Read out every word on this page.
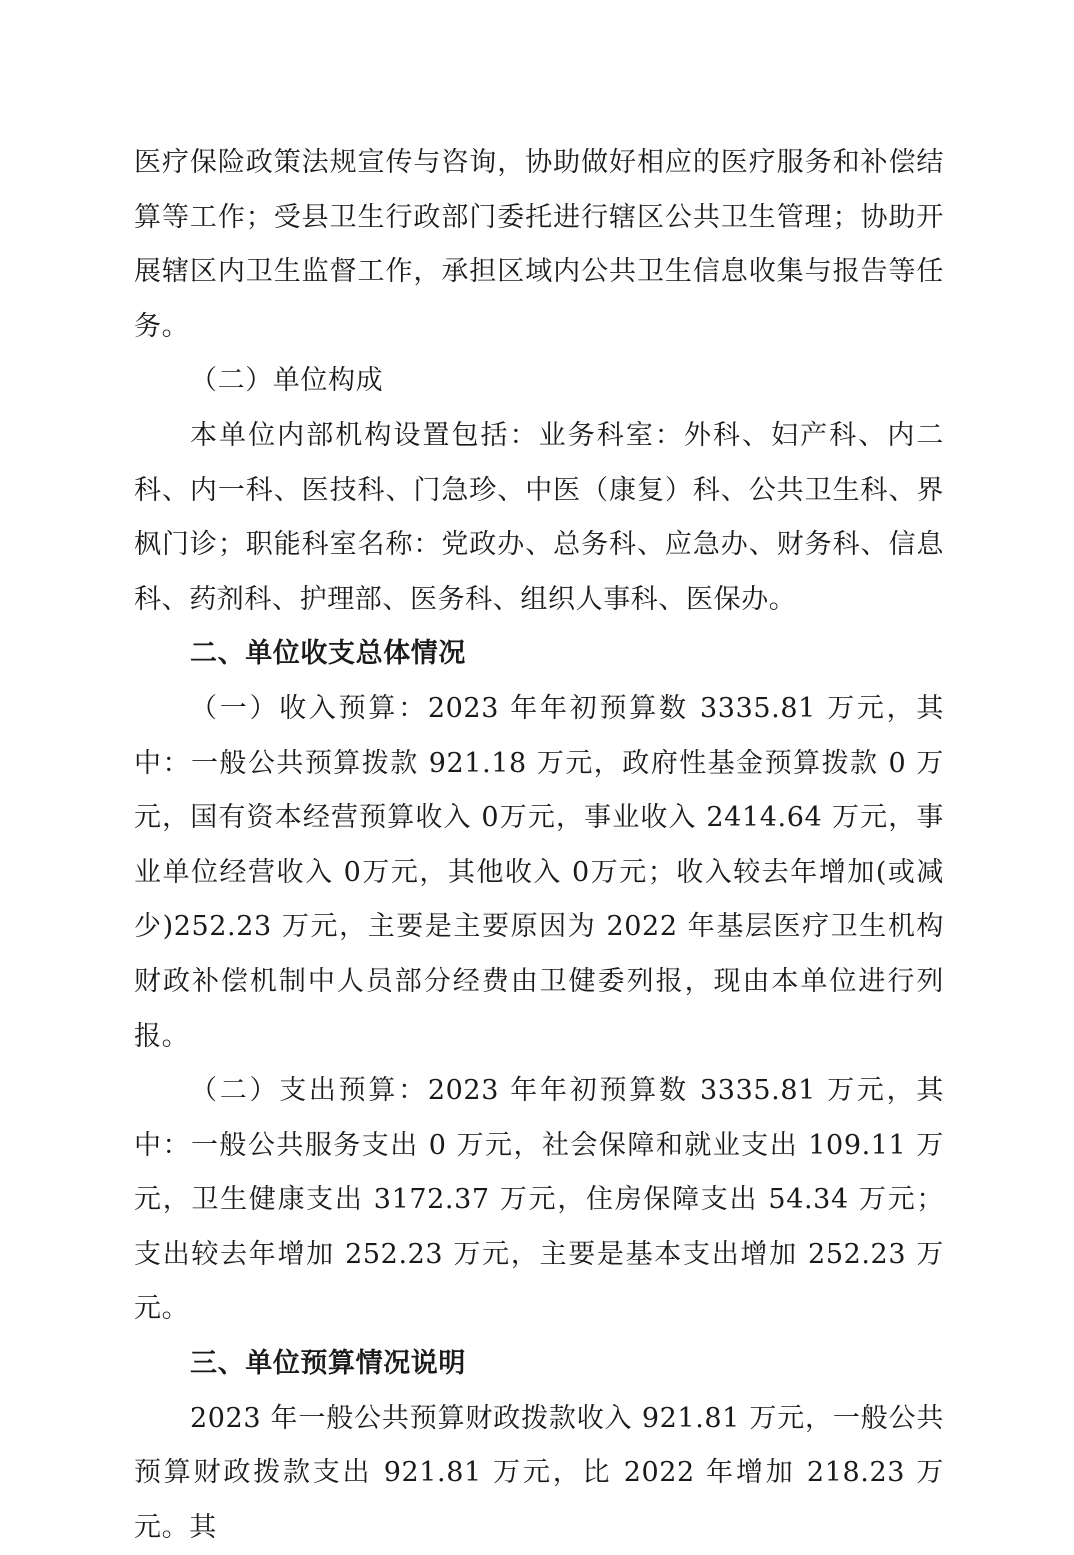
医疗保险政策法规宣传与咨询，协助做好相应的医疗服务和补偿结算等工作；受县卫生行政部门委托进行辖区公共卫生管理；协助开展辖区内卫生监督工作，承担区域内公共卫生信息收集与报告等任务。

（二）单位构成

本单位内部机构设置包括：业务科室：外科、妇产科、内二科、内一科、医技科、门急珍、中医（康复）科、公共卫生科、界枫门诊；职能科室名称：党政办、总务科、应急办、财务科、信息科、药剂科、护理部、医务科、组织人事科、医保办。

二、单位收支总体情况

（一）收入预算：2023 年年初预算数 3335.81 万元，其中：一般公共预算拨款 921.18 万元，政府性基金预算拨款 0 万元，国有资本经营预算收入 0万元，事业收入 2414.64 万元，事业单位经营收入 0万元，其他收入 0万元；收入较去年增加(或减少)252.23 万元，主要是主要原因为 2022 年基层医疗卫生机构财政补偿机制中人员部分经费由卫健委列报，现由本单位进行列报。

（二）支出预算：2023 年年初预算数 3335.81 万元，其中：一般公共服务支出 0 万元，社会保障和就业支出 109.11 万元，卫生健康支出 3172.37 万元，住房保障支出 54.34 万元；支出较去年增加 252.23 万元，主要是基本支出增加 252.23 万元。

三、单位预算情况说明

2023 年一般公共预算财政拨款收入 921.81 万元，一般公共预算财政拨款支出 921.81 万元，比 2022 年增加 218.23 万元。其
